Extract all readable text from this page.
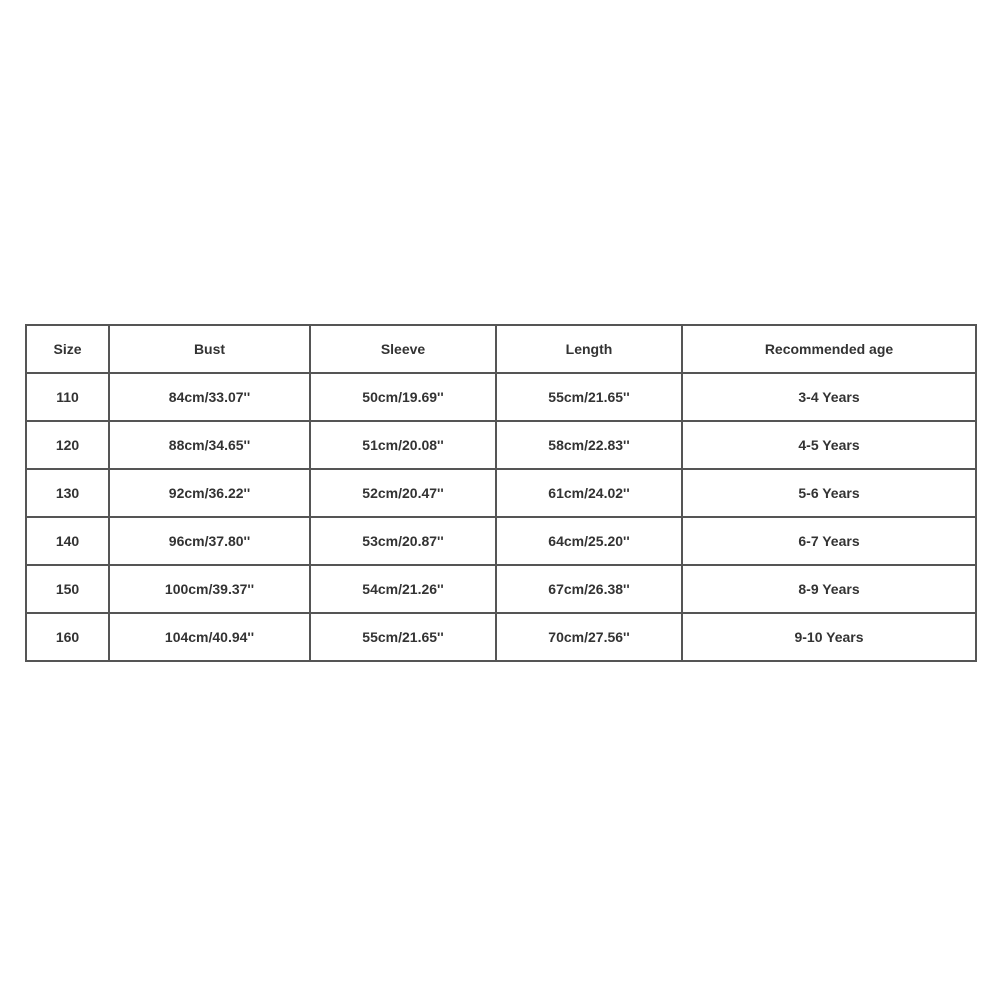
Size	Bust	Sleeve	Length	Recommended age
110	84cm/33.07''	50cm/19.69''	55cm/21.65''	3-4 Years
120	88cm/34.65''	51cm/20.08''	58cm/22.83''	4-5 Years
130	92cm/36.22''	52cm/20.47''	61cm/24.02''	5-6 Years
140	96cm/37.80''	53cm/20.87''	64cm/25.20''	6-7 Years
150	100cm/39.37''	54cm/21.26''	67cm/26.38''	8-9 Years
160	104cm/40.94''	55cm/21.65''	70cm/27.56''	9-10 Years
